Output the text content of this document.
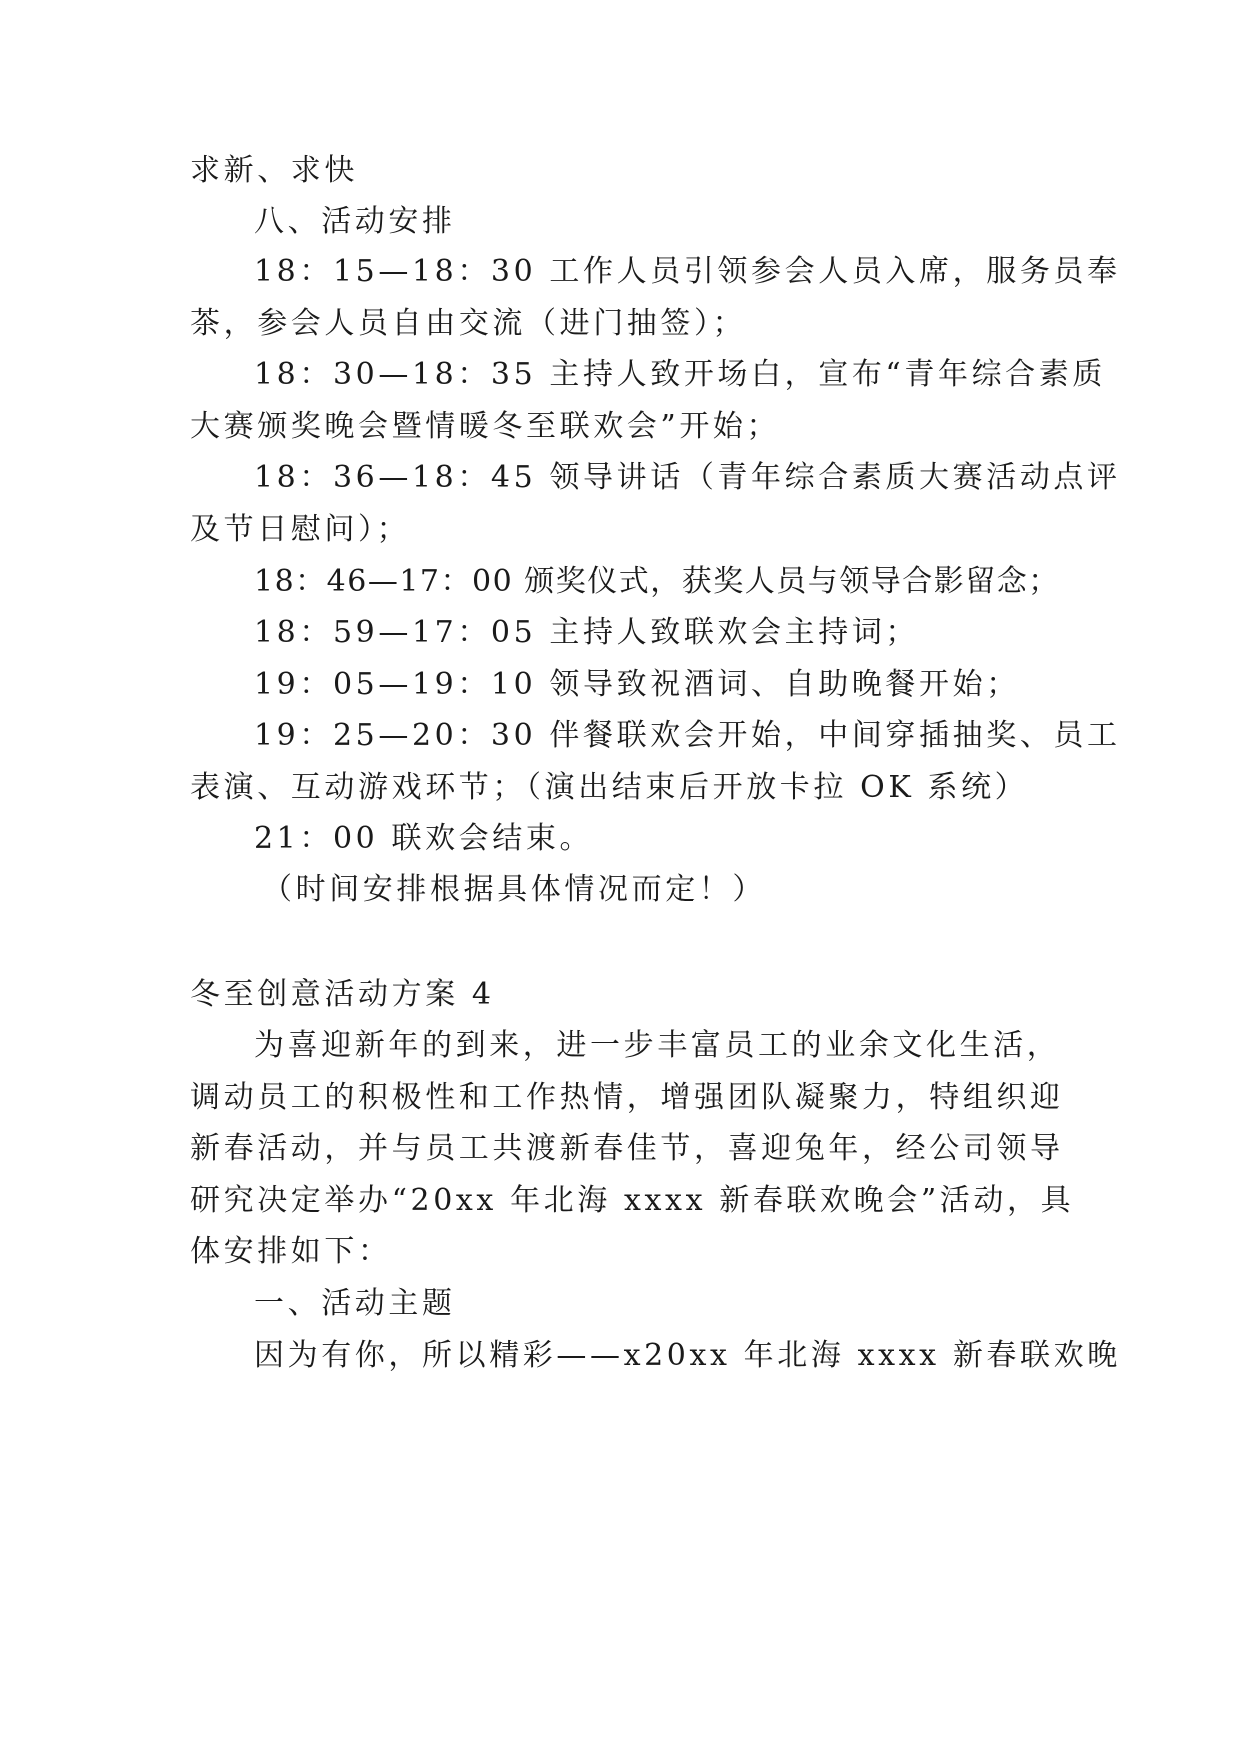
求新、求快
八、活动安排
18：15—18：30 工作人员引领参会人员入席，服务员奉
茶，参会人员自由交流（进门抽签）；
18：30—18：35 主持人致开场白，宣布“青年综合素质
大赛颁奖晚会暨情暖冬至联欢会”开始；
18：36—18：45 领导讲话（青年综合素质大赛活动点评
及节日慰问）；
18：46—17：00 颁奖仪式，获奖人员与领导合影留念；
18：59—17：05 主持人致联欢会主持词；
19：05—19：10 领导致祝酒词、自助晚餐开始；
19：25—20：30 伴餐联欢会开始，中间穿插抽奖、员工
表演、互动游戏环节；（演出结束后开放卡拉 OK 系统）
21：00 联欢会结束。
（时间安排根据具体情况而定！）
冬至创意活动方案 4
为喜迎新年的到来，进一步丰富员工的业余文化生活，
调动员工的积极性和工作热情，增强团队凝聚力，特组织迎
新春活动，并与员工共渡新春佳节，喜迎兔年，经公司领导
研究决定举办“20xx 年北海 xxxx 新春联欢晚会”活动，具
体安排如下：
一、活动主题
因为有你，所以精彩——x20xx 年北海 xxxx 新春联欢晚
